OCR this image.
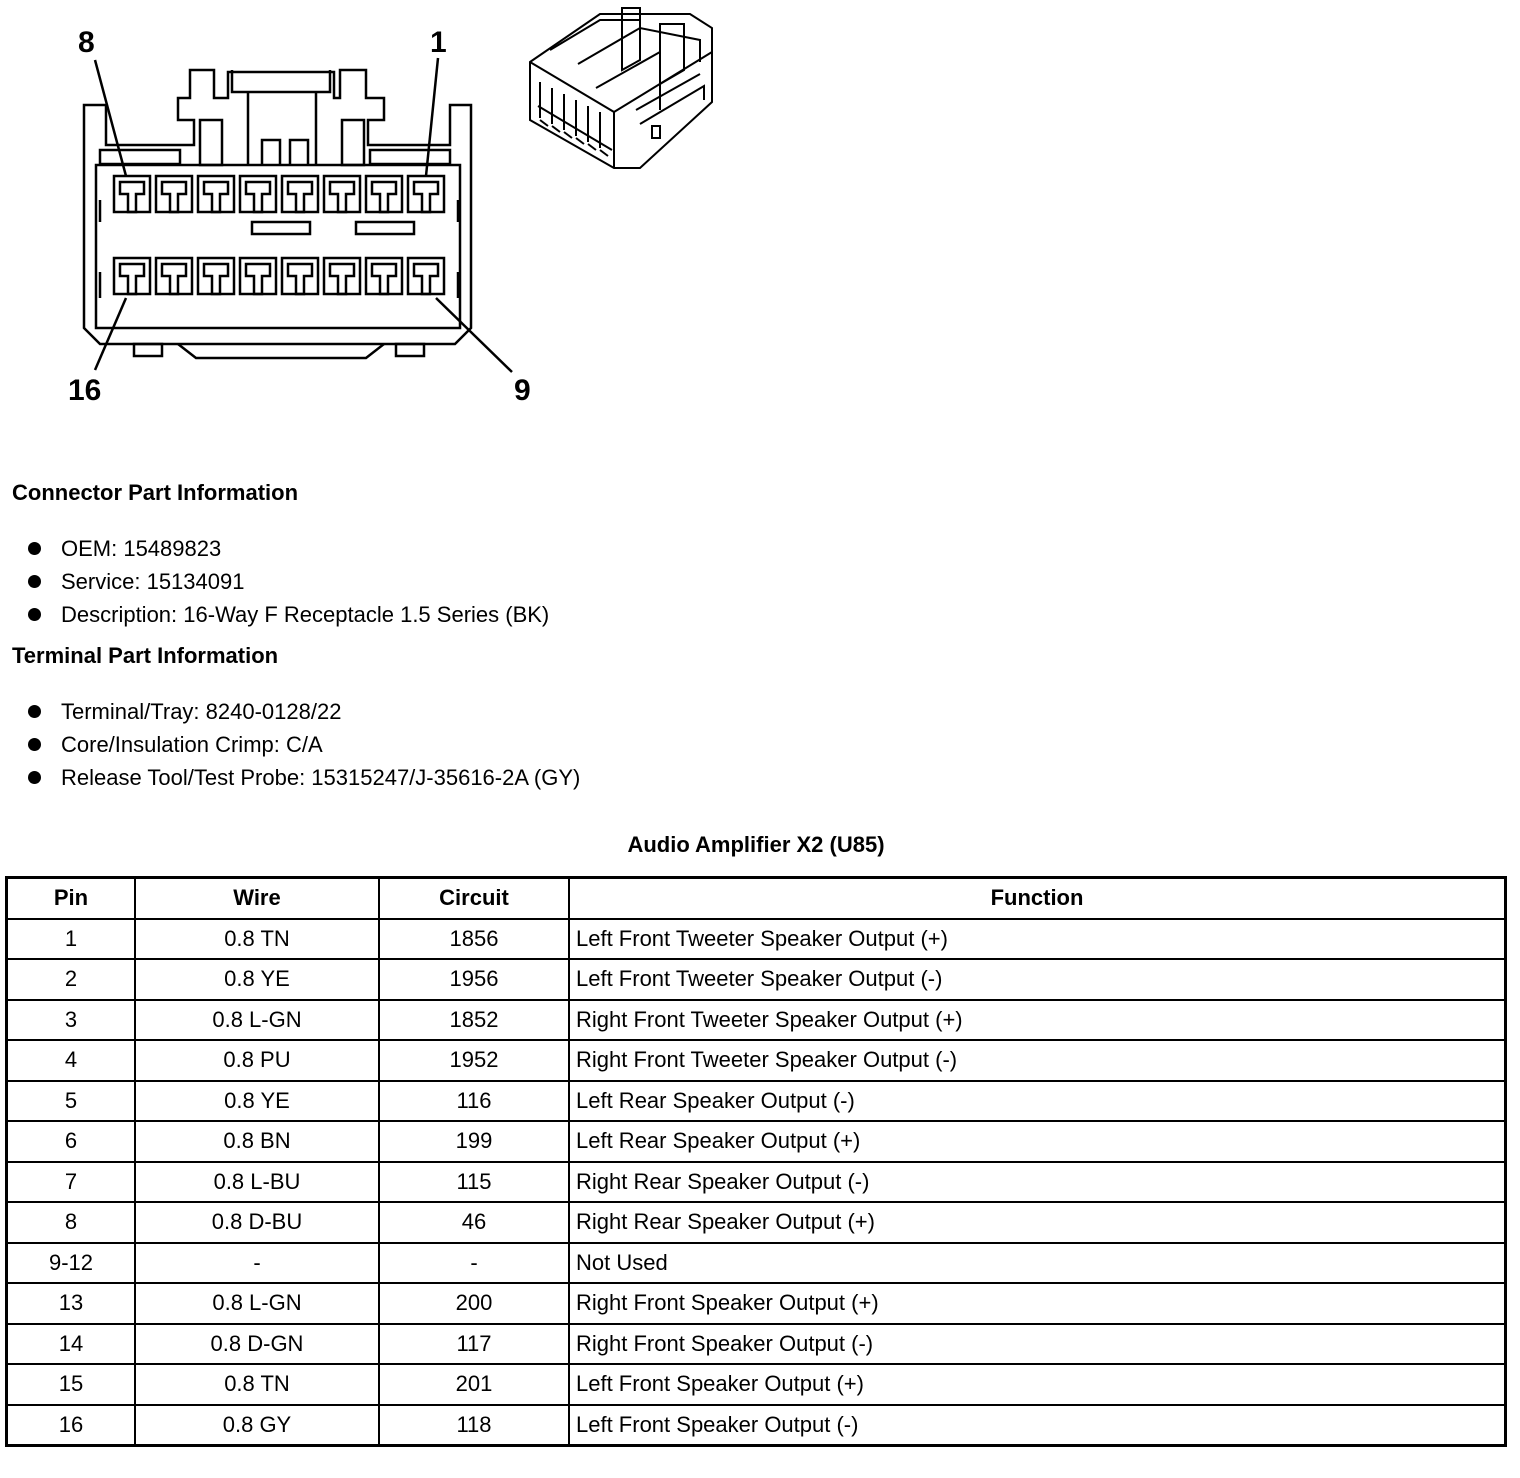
8	1
16	9
Connector Part Information
OEM: 15489823
Service: 15134091
Description: 16-Way F Receptacle 1.5 Series (BK)
Terminal Part Information
Terminal/Tray: 8240-0128/22
Core/Insulation Crimp: C/A
Release Tool/Test Probe: 15315247/J-35616-2A (GY)
Audio Amplifier X2 (U85)
Pin	Wire	Circuit	Function
1	0.8 TN	1856	Left Front Tweeter Speaker Output (+)
2	0.8 YE	1956	Left Front Tweeter Speaker Output (-)
3	0.8 L-GN	1852	Right Front Tweeter Speaker Output (+)
4	0.8 PU	1952	Right Front Tweeter Speaker Output (-)
5	0.8 YE	116	Left Rear Speaker Output (-)
6	0.8 BN	199	Left Rear Speaker Output (+)
7	0.8 L-BU	115	Right Rear Speaker Output (-)
8	0.8 D-BU	46	Right Rear Speaker Output (+)
9-12	-	-	Not Used
13	0.8 L-GN	200	Right Front Speaker Output (+)
14	0.8 D-GN	117	Right Front Speaker Output (-)
15	0.8 TN	201	Left Front Speaker Output (+)
16	0.8 GY	118	Left Front Speaker Output (-)
